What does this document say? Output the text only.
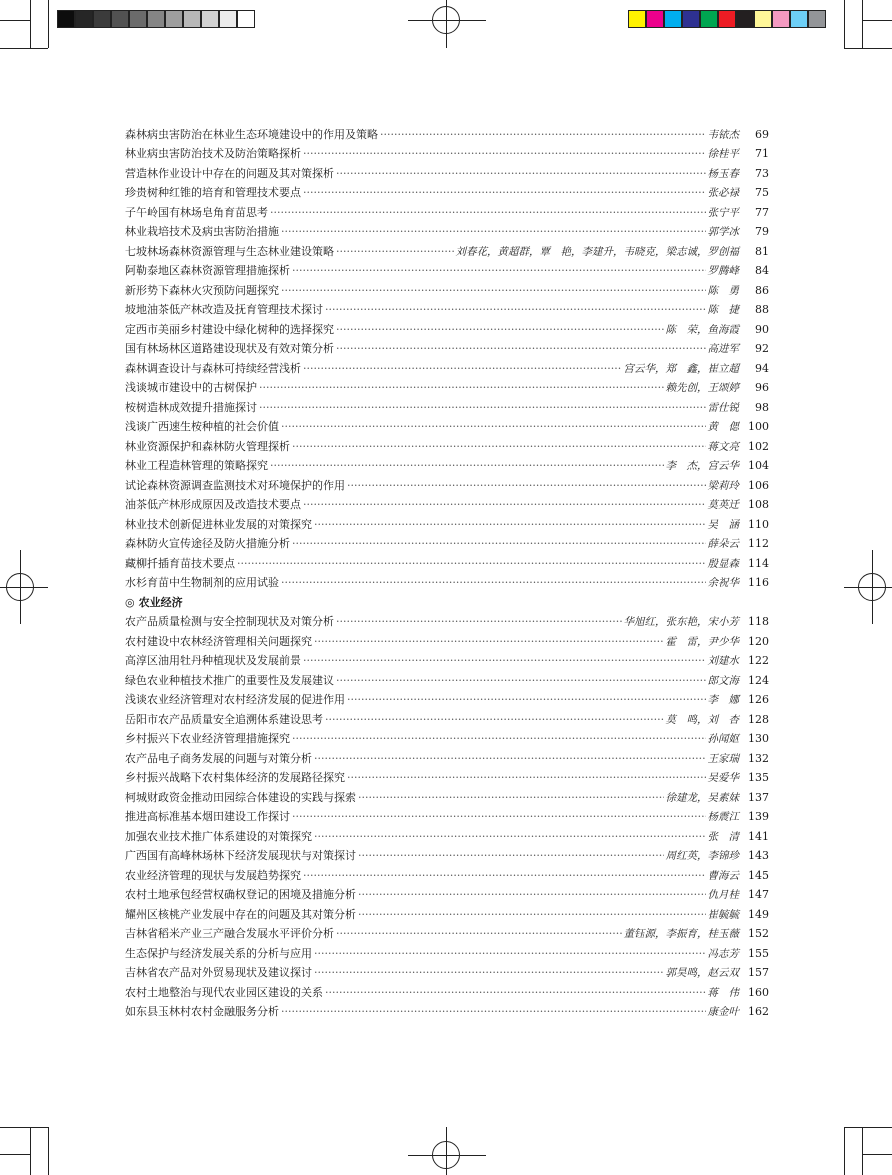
森林病虫害防治在林业生态环境建设中的作用及策略 ·····	韦铱杰	69
林业病虫害防治技术及防治策略探析 ·····	徐桂平	71
营造林作业设计中存在的问题及其对策探析 ·····	杨玉春	73
珍贵树种红锥的培育和管理技术要点 ·····	张必禄	75
子午岭国有林场皂角育苗思考 ·····	张宁平	77
林业栽培技术及病虫害防治措施 ·····	郭学冰	79
七坡林场森林资源管理与生态林业建设策略 ·····	刘春花，黄超群，覃　艳，李建升，韦晓克，梁志诚，罗创福	81
阿勒泰地区森林资源管理措施探析 ·····	罗腾峰	84
新形势下森林火灾预防问题探究 ·····	陈　勇	86
坡地油茶低产林改造及抚育管理技术探讨 ·····	陈　捷	88
定西市美丽乡村建设中绿化树种的选择探究 ·····	陈　荣，鱼海霞	90
国有林场林区道路建设现状及有效对策分析 ·····	高进军	92
森林调查设计与森林可持续经营浅析 ·····	宫云华，郑　鑫，崔立超	94
浅谈城市建设中的古树保护 ·····	赖先创，王颂婷	96
桉树造林成效提升措施探讨 ·····	雷仕锐	98
浅谈广西速生桉种植的社会价值 ·····	黄　偲 100
林业资源保护和森林防火管理探析 ·····	蒋文亮 102
林业工程造林管理的策略探究 ·····	李　杰，宫云华 104
试论森林资源调查监测技术对环境保护的作用 ·····	梁莉玲 106
油茶低产林形成原因及改造技术要点 ·····	莫英迁 108
林业技术创新促进林业发展的对策探究 ·····	吴　涵 110
森林防火宣传途径及防火措施分析 ·····	薛朵云 112
藏柳扦插育苗技术要点 ·····	殷显森 114
水杉育苗中生物制剂的应用试验 ·····	余祝华 116
◎ 农业经济
农产品质量检测与安全控制现状及对策分析 ·····	华旭红，张东艳，宋小芳 118
农村建设中农林经济管理相关问题探究 ·····	霍　雷，尹少华 120
高淳区油用牡丹种植现状及发展前景 ·····	刘建水 122
绿色农业种植技术推广的重要性及发展建议 ·····	郎文海 124
浅谈农业经济管理对农村经济发展的促进作用 ·····	李　娜 126
岳阳市农产品质量安全追溯体系建设思考 ·····	莫　鸣，刘　杏 128
乡村振兴下农业经济管理措施探究 ·····	孙闻妪 130
农产品电子商务发展的问题与对策分析 ·····	王家瑞 132
乡村振兴战略下农村集体经济的发展路径探究 ·····	吴爱华 135
柯城财政资金推动田园综合体建设的实践与探索 ·····	徐建龙，吴素妹 137
推进高标准基本烟田建设工作探讨 ·····	杨震江 139
加强农业技术推广体系建设的对策探究 ·····	张　清 141
广西国有高峰林场林下经济发展现状与对策探讨 ·····	周红英，李锦珍 143
农业经济管理的现状与发展趋势探究 ·····	曹海云 145
农村土地承包经营权确权登记的困境及措施分析 ·····	仇月桂 147
耀州区核桃产业发展中存在的问题及其对策分析 ·····	崔毓毓 149
吉林省稻米产业三产融合发展水平评价分析 ·····	董钰源，李振育，桂玉薇 152
生态保护与经济发展关系的分析与应用 ·····	冯志芳 155
吉林省农产品对外贸易现状及建议探讨 ·····	郭昊鸣，赵云双 157
农村土地整治与现代农业园区建设的关系 ·····	蒋　伟 160
如东县玉林村农村金融服务分析 ·····	康金叶 162
